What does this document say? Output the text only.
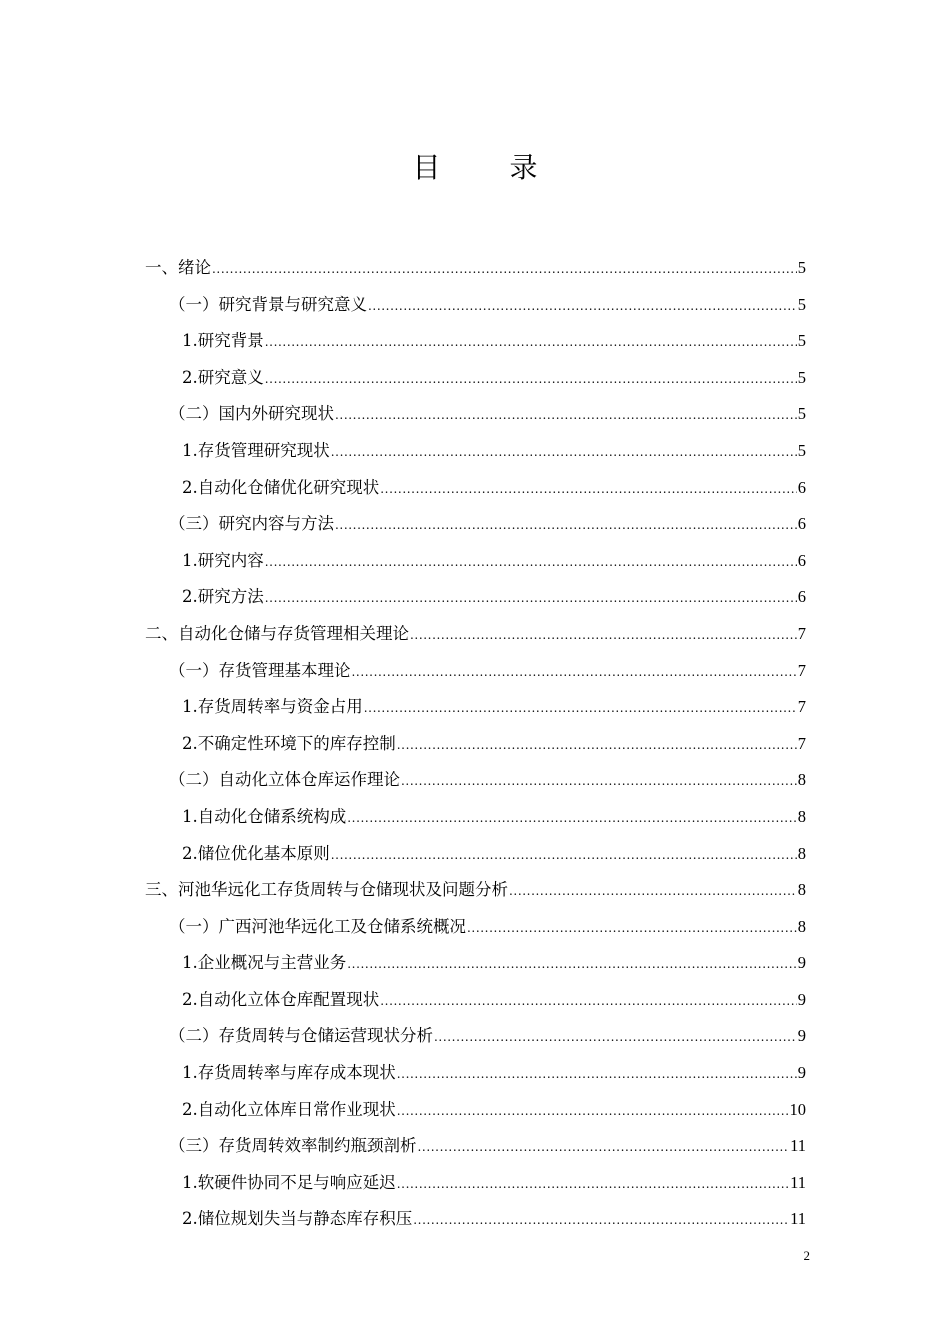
目 录
一、绪论 .....	5
（一）研究背景与研究意义 .....	5
1.研究背景 .....	5
2.研究意义 .....	5
（二）国内外研究现状 .....	5
1.存货管理研究现状 .....	5
2.自动化仓储优化研究现状 .....	6
（三）研究内容与方法 .....	6
1.研究内容 .....	6
2.研究方法 .....	6
二、自动化仓储与存货管理相关理论 .....	7
（一）存货管理基本理论 .....	7
1.存货周转率与资金占用 .....	7
2.不确定性环境下的库存控制 .....	7
（二）自动化立体仓库运作理论 .....	8
1.自动化仓储系统构成 .....	8
2.储位优化基本原则 .....	8
三、河池华远化工存货周转与仓储现状及问题分析 .....	8
（一）广西河池华远化工及仓储系统概况 .....	8
1.企业概况与主营业务 .....	9
2.自动化立体仓库配置现状 .....	9
（二）存货周转与仓储运营现状分析 .....	9
1.存货周转率与库存成本现状 .....	9
2.自动化立体库日常作业现状 .....	10
（三）存货周转效率制约瓶颈剖析 .....	11
1.软硬件协同不足与响应延迟 .....	11
2.储位规划失当与静态库存积压 .....	11
2
